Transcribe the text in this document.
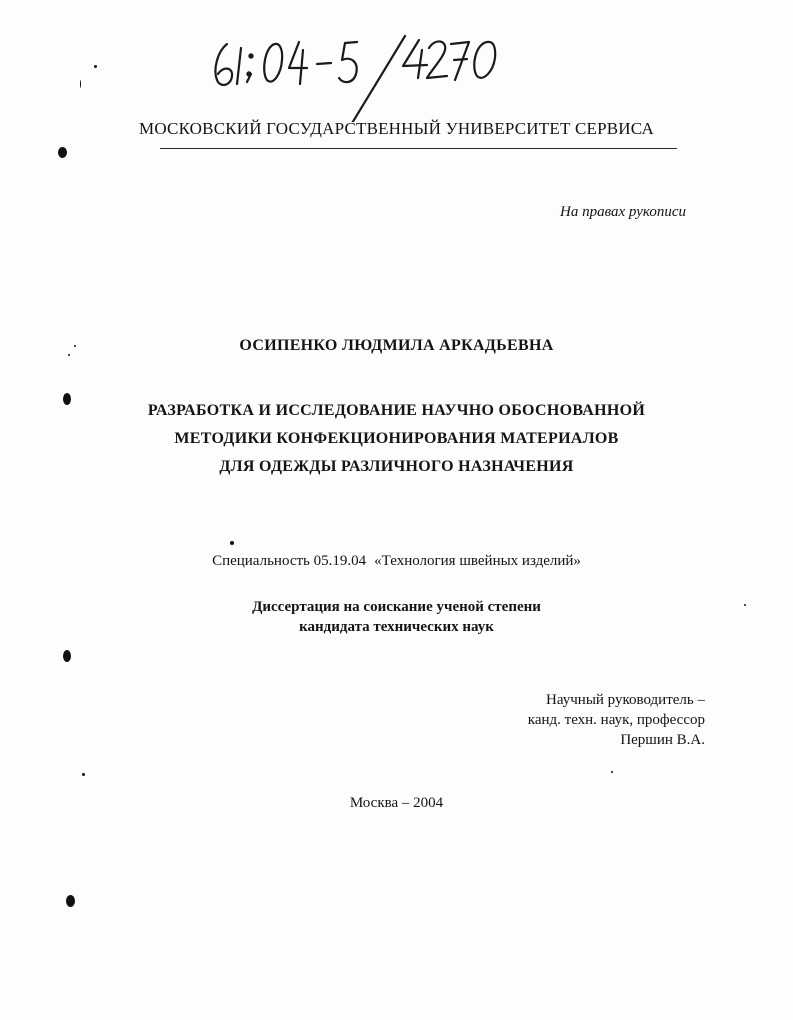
МОСКОВСКИЙ ГОСУДАРСТВЕННЫЙ УНИВЕРСИТЕТ СЕРВИСА
На правах рукописи
ОСИПЕНКО ЛЮДМИЛА АРКАДЬЕВНА
РАЗРАБОТКА И ИССЛЕДОВАНИЕ НАУЧНО ОБОСНОВАННОЙ
МЕТОДИКИ КОНФЕКЦИОНИРОВАНИЯ МАТЕРИАЛОВ
ДЛЯ ОДЕЖДЫ РАЗЛИЧНОГО НАЗНАЧЕНИЯ
Специальность 05.19.04 «Технология швейных изделий»
Диссертация на соискание ученой степени
кандидата технических наук
Научный руководитель –
канд. техн. наук, профессор
Першин В.А.
Москва – 2004
